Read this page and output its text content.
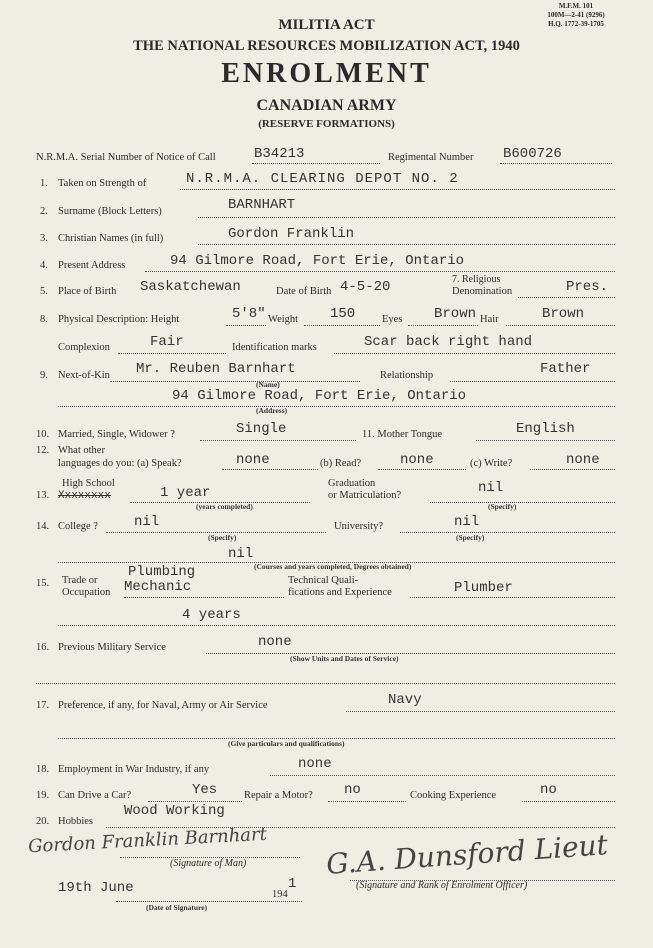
M.F.M. 101
100M—2-41 (9296)
H.Q. 1772-39-1705
MILITIA ACT
THE NATIONAL RESOURCES MOBILIZATION ACT, 1940
ENROLMENT
CANADIAN ARMY
(RESERVE FORMATIONS)
N.R.M.A. Serial Number of Notice of Call	B34213	Regimental Number B600726
1. Taken on Strength of	N.R.M.A. CLEARING DEPOT NO. 2
2. Surname (Block Letters)	BARNHART
3. Christian Names (in full)	Gordon Franklin
4. Present Address	94 Gilmore Road, Fort Erie, Ontario
5. Place of Birth Saskatchewan	Date of Birth 4-5-20	7. Religious
Denomination	Pres.
8. Physical Description: Height	5'8" Weight 150	Eyes Brown Hair	Brown
Complexion	Fair	Identification marks	Scar back right hand
9. Next-of-Kin Mr. Reuben Barnhart
(Name)
Relationship	Father
94 Gilmore Road, Fort Erie, Ontario
(Address)
10. Married, Single, Widower ?	Single	11. Mother Tongue	English
12. What other
languages do you: (a) Speak?	none	(b) Read?	none	(c) Write?	none
13.
High School
Xxxxxxxx	1 year
(years completed)
Graduation
or Matriculation?	nil
(Specify)
14. College ?	nil
(Specify)
University?	nil
(Specify)
nil
(Courses and years completed, Degrees obtained)
15. Trade or
Occupation
Plumbing
Mechanic	Technical Quali-
fications and Experience	Plumber
4 years
16. Previous Military Service	none
(Show Units and Dates of Service)
17. Preference, if any, for Naval, Army or Air Service	Navy
(Give particulars and qualifications)
18. Employment in War Industry, if any	none
19. Can Drive a Car?	Yes	Repair a Motor? no	Cooking Experience	no
20. Hobbies
Wood Working
Gordon Franklin Barnhart
(Signature of Man)	G.A. Dunsford Lieut
(Signature and Rank of Enrolment Officer)
19th June	194
1
(Date of Signature)
